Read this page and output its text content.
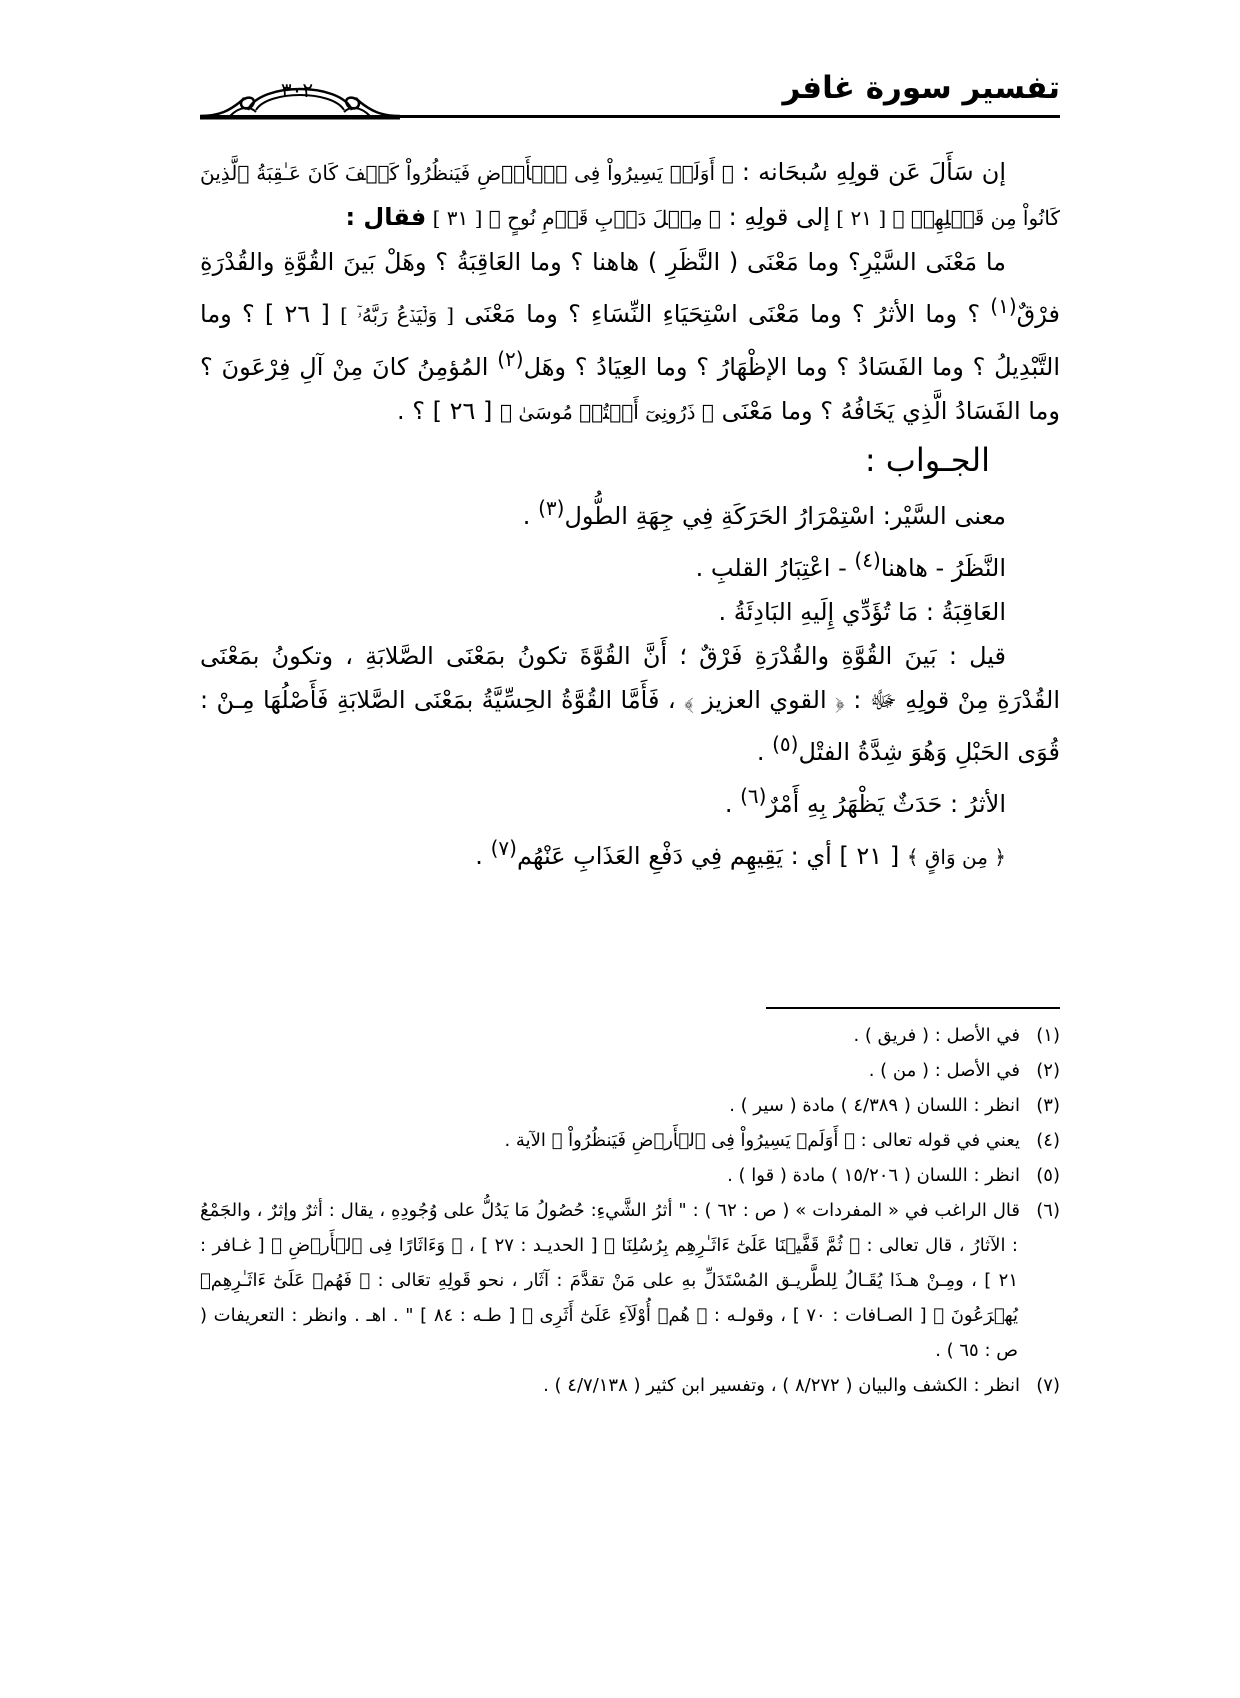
تفسير سورة غافر
٣٠٢

إن سَأَلَ عَن قولِهِ سُبحَانه : ﴿ أَوَلَمۡ يَسِيرُواْ فِى ٱلۡأَرۡضِ فَيَنظُرُواْ كَيۡفَ كَانَ عَـٰقِبَةُ ٱلَّذِينَ كَانُواْ مِن قَبۡلِهِمۡ ﴾ [ ٢١ ] إلى قولِهِ : ﴿ مِثۡلَ دَأۡبِ قَوۡمِ نُوحٍ ﴾ [ ٣١ ] فقال :

ما مَعْنَى السَّيْرِ؟ وما مَعْنَى ( النَّظَرِ ) هاهنا ؟ وما العَاقِبَةُ ؟ وهَلْ بَينَ القُوَّةِ والقُدْرَةِ فرْقٌ$^{(١)}$ ؟ وما الأثرُ ؟ وما مَعْنَى اسْتِحَيَاءِ النِّسَاءِ ؟ وما مَعْنَى [ وَلۡيَدۡعُ رَبَّهُۥٓ ] [ ٢٦ ] ؟ وما التَّبْدِيلُ ؟ وما الفَسَادُ ؟ وما الإظْهَارُ ؟ وما العِيَادُ ؟ وهَل$^{(٢)}$ المُؤمِنُ كانَ مِنْ آلِ فِرْعَونَ ؟ وما الفَسَادُ الَّذِي يَخَافُهُ ؟ وما مَعْنَى ﴿ ذَرُونِىٓ أَقۡتُلۡ مُوسَىٰ ﴾ [ ٢٦ ] ؟ .

الجـواب :

معنى السَّيْر: اسْتِمْرَارُ الحَرَكَةِ فِي جِهَةِ الطُّول$^{(٣)}$ .

النَّظَرُ - هاهنا$^{(٤)}$ - اعْتِبَارُ القلبِ .

العَاقِبَةُ : مَا تُؤَدِّي إِلَيهِ البَادِئَةُ .

قيل : بَينَ القُوَّةِ والقُدْرَةِ فَرْقٌ ؛ أَنَّ القُوَّةَ تكونُ بمَعْنَى الصَّلابَةِ ، وتكونُ بمَعْنَى القُدْرَةِ مِنْ قولِهِ ﷻ : ﴿ القوي العزيز ﴾ ، فَأَمَّا القُوَّةُ الحِسِّيَّةُ بمَعْنَى الصَّلابَةِ فَأَصْلُهَا مِـنْ : قُوَى الحَبْلِ وَهُوَ شِدَّةُ الفتْل$^{(٥)}$ .

الأثرُ : حَدَثٌ يَظْهَرُ بِهِ أَمْرٌ$^{(٦)}$ .

﴿ مِن وَاقٍ ﴾ [ ٢١ ] أي : يَقِيهِم فِي دَفْعِ العَذَابِ عَنْهُم$^{(٧)}$ .

(١)في الأصل : ( فريق ) .

(٢)في الأصل : ( من ) .

(٣)انظر : اللسان ( ٤/٣٨٩ ) مادة ( سير ) .

(٤)يعني في قوله تعالى : ﴿ أَوَلَمۡ يَسِيرُواْ فِى ٱلۡأَرۡضِ فَيَنظُرُواْ ﴾ الآية .

(٥)انظر : اللسان ( ١٥/٢٠٦ ) مادة ( قوا ) .

(٦)قال الراغب في « المفردات » ( ص : ٦٢ ) : " أثرُ الشَّيءِ: حُصُولُ مَا يَدُلُّ على وُجُودِهِ ، يقال : أثرٌ وإثرٌ ، والجَمْعُ : الآثارُ ، قال تعالى : ﴿ ثُمَّ قَفَّيۡنَا عَلَىٰٓ ءَاثَـٰرِهِم بِرُسُلِنَا ﴾ [ الحديـد : ٢٧ ] ، ﴿ وَءَاثَارًا فِى ٱلۡأَرۡضِ ﴾ [ غـافر : ٢١ ] ، ومِـنْ هـذَا يُقَـالُ لِلطَّريـق المُسْتَدَلِّ بهِ على مَنْ تقدَّمَ : آثَار ، نحو قَولِهِ تعَالى : ﴿ فَهُمۡ عَلَىٰٓ ءَاثَـٰرِهِمۡ يُهۡرَعُونَ ﴾ [ الصـافات : ٧٠ ] ، وقولـه : ﴿ هُمۡ أُوْلَآءِ عَلَىٰٓ أَثَرِى ﴾ [ طـه : ٨٤ ] " . اهـ . وانظر : التعريفات ( ص : ٦٥ ) .

(٧)انظر : الكشف والبيان ( ٨/٢٧٢ ) ، وتفسير ابن كثير ( ٤/٧/١٣٨ ) .
